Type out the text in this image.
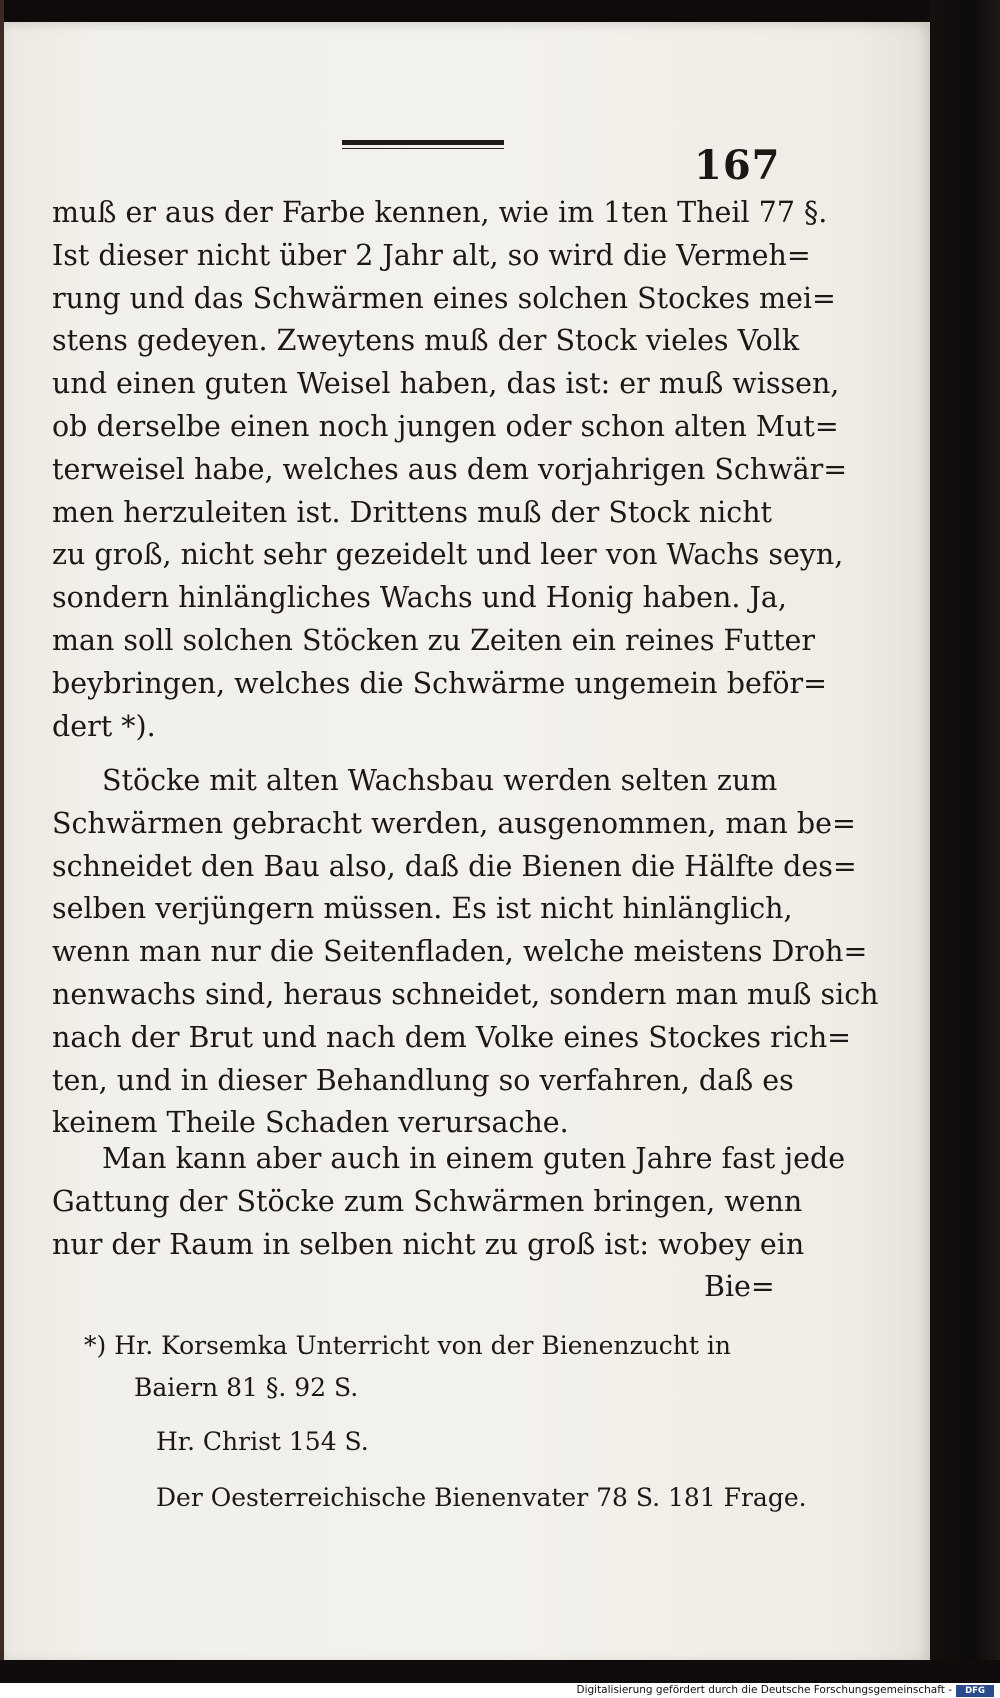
167
muß er aus der Farbe kennen, wie im 1ten Theil 77 §.
Ist dieser nicht über 2 Jahr alt, so wird die Vermeh=
rung und das Schwärmen eines solchen Stockes mei=
stens gedeyen. Zweytens muß der Stock vieles Volk
und einen guten Weisel haben, das ist: er muß wissen,
ob derselbe einen noch jungen oder schon alten Mut=
terweisel habe, welches aus dem vorjahrigen Schwär=
men herzuleiten ist. Drittens muß der Stock nicht
zu groß, nicht sehr gezeidelt und leer von Wachs seyn,
sondern hinlängliches Wachs und Honig haben. Ja,
man soll solchen Stöcken zu Zeiten ein reines Futter
beybringen, welches die Schwärme ungemein beför=
dert *).
Stöcke mit alten Wachsbau werden selten zum
Schwärmen gebracht werden, ausgenommen, man be=
schneidet den Bau also, daß die Bienen die Hälfte des=
selben verjüngern müssen. Es ist nicht hinlänglich,
wenn man nur die Seitenfladen, welche meistens Droh=
nenwachs sind, heraus schneidet, sondern man muß sich
nach der Brut und nach dem Volke eines Stockes rich=
ten, und in dieser Behandlung so verfahren, daß es
keinem Theile Schaden verursache.
Man kann aber auch in einem guten Jahre fast jede
Gattung der Stöcke zum Schwärmen bringen, wenn
nur der Raum in selben nicht zu groß ist: wobey ein
Bie=
*) Hr. Korsemka Unterricht von der Bienenzucht in
Baiern 81 §. 92 S.
Hr. Christ 154 S.
Der Oesterreichische Bienenvater 78 S. 181 Frage.
Digitalisierung gefördert durch die Deutsche Forschungsgemeinschaft -	DFG
